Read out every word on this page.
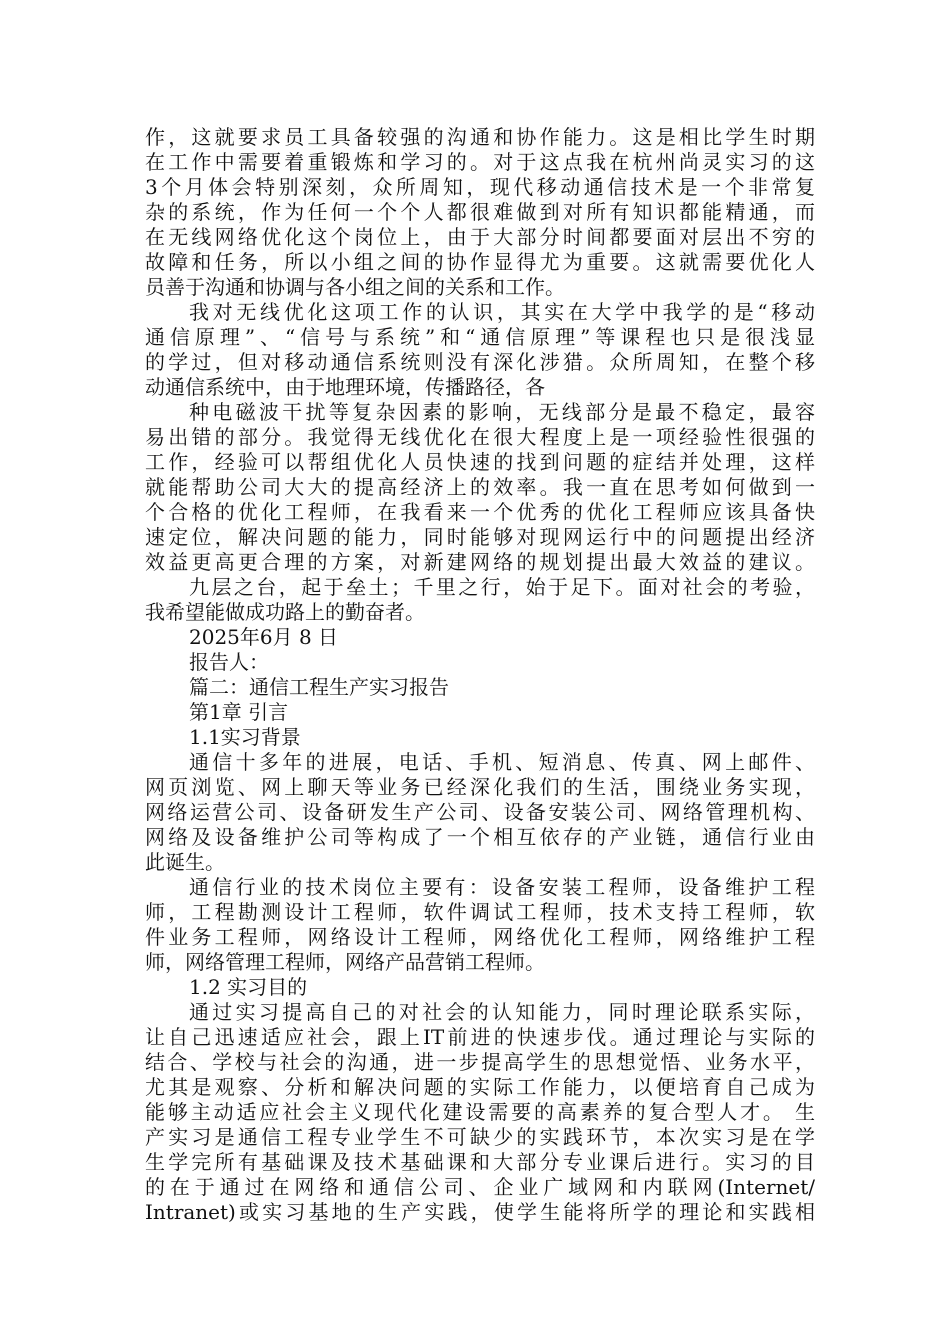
作，这就要求员工具备较强的沟通和协作能力。这是相比学生时期
在工作中需要着重锻炼和学习的。对于这点我在杭州尚灵实习的这
3个月体会特别深刻，众所周知，现代移动通信技术是一个非常复
杂的系统，作为任何一个个人都很难做到对所有知识都能精通，而
在无线网络优化这个岗位上，由于大部分时间都要面对层出不穷的
故障和任务，所以小组之间的协作显得尤为重要。这就需要优化人
员善于沟通和协调与各小组之间的关系和工作。
我对无线优化这项工作的认识，其实在大学中我学的是“移动
通信原理”、“信号与系统”和“通信原理”等课程也只是很浅显
的学过，但对移动通信系统则没有深化涉猎。众所周知，在整个移
动通信系统中，由于地理环境，传播路径，各
种电磁波干扰等复杂因素的影响，无线部分是最不稳定，最容
易出错的部分。我觉得无线优化在很大程度上是一项经验性很强的
工作，经验可以帮组优化人员快速的找到问题的症结并处理，这样
就能帮助公司大大的提高经济上的效率。我一直在思考如何做到一
个合格的优化工程师，在我看来一个优秀的优化工程师应该具备快
速定位，解决问题的能力，同时能够对现网运行中的问题提出经济
效益更高更合理的方案，对新建网络的规划提出最大效益的建议。
九层之台，起于垒土；千里之行，始于足下。面对社会的考验，
我希望能做成功路上的勤奋者。
2025年6月 8 日
报告人：
篇二：通信工程生产实习报告
第1章 引言
1.1实习背景
通信十多年的进展，电话、手机、短消息、传真、网上邮件、
网页浏览、网上聊天等业务已经深化我们的生活，围绕业务实现，
网络运营公司、设备研发生产公司、设备安装公司、网络管理机构、
网络及设备维护公司等构成了一个相互依存的产业链，通信行业由
此诞生。
通信行业的技术岗位主要有：设备安装工程师，设备维护工程
师，工程勘测设计工程师，软件调试工程师，技术支持工程师，软
件业务工程师，网络设计工程师，网络优化工程师，网络维护工程
师，网络管理工程师，网络产品营销工程师。
1.2 实习目的
通过实习提高自己的对社会的认知能力，同时理论联系实际，
让自己迅速适应社会，跟上IT前进的快速步伐。通过理论与实际的
结合、学校与社会的沟通，进一步提高学生的思想觉悟、业务水平，
尤其是观察、分析和解决问题的实际工作能力，以便培育自己成为
能够主动适应社会主义现代化建设需要的高素养的复合型人才。 生
产实习是通信工程专业学生不可缺少的实践环节，本次实习是在学
生学完所有基础课及技术基础课和大部分专业课后进行。实习的目
的在于通过在网络和通信公司、企业广域网和内联网(Internet/
Intranet)或实习基地的生产实践，使学生能将所学的理论和实践相
